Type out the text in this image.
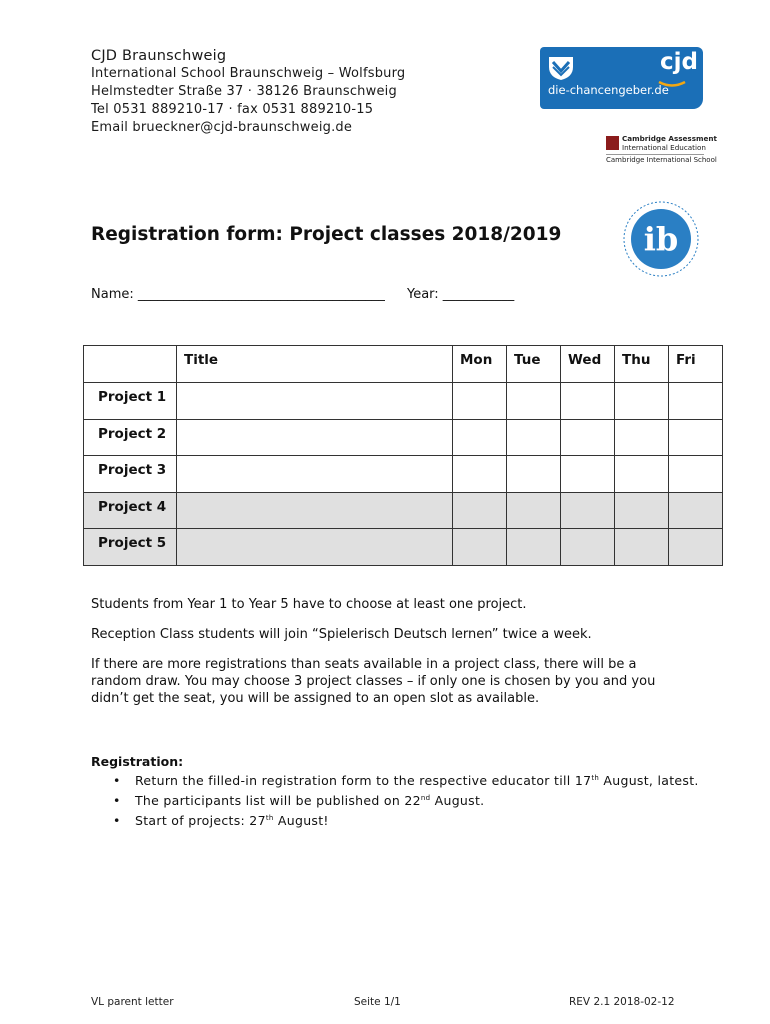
CJD Braunschweig
International School Braunschweig – Wolfsburg
Helmstedter Straße 37 · 38126 Braunschweig
Tel 0531 889210-17 · fax 0531 889210-15
Email brueckner@cjd-braunschweig.de
cjd
die-chancengeber.de
Cambridge Assessment
International Education
Cambridge International School
ib
Registration form: Project classes 2018/2019
Name: ______________________________________ Year: ___________
	Title	Mon	Tue	Wed	Thu	Fri
Project 1						
Project 2						
Project 3						
Project 4						
Project 5						
Students from Year 1 to Year 5 have to choose at least one project.
Reception Class students will join “Spielerisch Deutsch lernen” twice a week.
If there are more registrations than seats available in a project class, there will be a random draw. You may choose 3 project classes – if only one is chosen by you and you didn’t get the seat, you will be assigned to an open slot as available.
Registration:
• Return the filled-in registration form to the respective educator till 17th August, latest.
• The participants list will be published on 22nd August.
• Start of projects: 27th August!
VL parent letter	Seite 1/1	REV 2.1 2018-02-12
